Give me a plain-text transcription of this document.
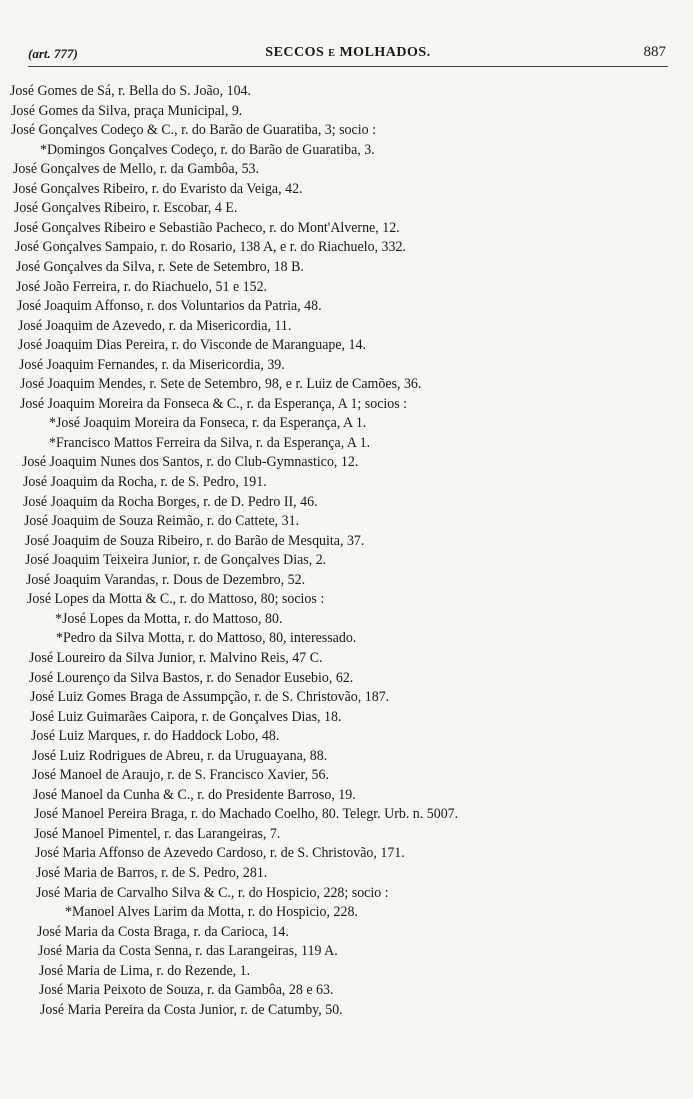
(art. 777)	SECCOS e MOLHADOS.	887
José Gomes de Sá, r. Bella do S. João, 104.
José Gomes da Silva, praça Municipal, 9.
José Gonçalves Codeço & C., r. do Barão de Guaratiba, 3; socio :
*Domingos Gonçalves Codeço, r. do Barão de Guaratiba, 3.
José Gonçalves de Mello, r. da Gambôa, 53.
José Gonçalves Ribeiro, r. do Evaristo da Veiga, 42.
José Gonçalves Ribeiro, r. Escobar, 4 E.
José Gonçalves Ribeiro e Sebastião Pacheco, r. do Mont'Alverne, 12.
José Gonçalves Sampaio, r. do Rosario, 138 A, e r. do Riachuelo, 332.
José Gonçalves da Silva, r. Sete de Setembro, 18 B.
José João Ferreira, r. do Riachuelo, 51 e 152.
José Joaquim Affonso, r. dos Voluntarios da Patria, 48.
José Joaquim de Azevedo, r. da Misericordia, 11.
José Joaquim Dias Pereira, r. do Visconde de Maranguape, 14.
José Joaquim Fernandes, r. da Misericordia, 39.
José Joaquim Mendes, r. Sete de Setembro, 98, e r. Luiz de Camões, 36.
José Joaquim Moreira da Fonseca & C., r. da Esperança, A 1; socios :
*José Joaquim Moreira da Fonseca, r. da Esperança, A 1.
*Francisco Mattos Ferreira da Silva, r. da Esperança, A 1.
José Joaquim Nunes dos Santos, r. do Club-Gymnastico, 12.
José Joaquim da Rocha, r. de S. Pedro, 191.
José Joaquim da Rocha Borges, r. de D. Pedro II, 46.
José Joaquim de Souza Reimão, r. do Cattete, 31.
José Joaquim de Souza Ribeiro, r. do Barão de Mesquita, 37.
José Joaquim Teixeira Junior, r. de Gonçalves Dias, 2.
José Joaquim Varandas, r. Dous de Dezembro, 52.
José Lopes da Motta & C., r. do Mattoso, 80; socios :
*José Lopes da Motta, r. do Mattoso, 80.
*Pedro da Silva Motta, r. do Mattoso, 80, interessado.
José Loureiro da Silva Junior, r. Malvino Reis, 47 C.
José Lourenço da Silva Bastos, r. do Senador Eusebio, 62.
José Luiz Gomes Braga de Assumpção, r. de S. Christovão, 187.
José Luiz Guimarães Caipora, r. de Gonçalves Dias, 18.
José Luiz Marques, r. do Haddock Lobo, 48.
José Luiz Rodrigues de Abreu, r. da Uruguayana, 88.
José Manoel de Araujo, r. de S. Francisco Xavier, 56.
José Manoel da Cunha & C., r. do Presidente Barroso, 19.
José Manoel Pereira Braga, r. do Machado Coelho, 80. Telegr. Urb. n. 5007.
José Manoel Pimentel, r. das Larangeiras, 7.
José Maria Affonso de Azevedo Cardoso, r. de S. Christovão, 171.
José Maria de Barros, r. de S. Pedro, 281.
José Maria de Carvalho Silva & C., r. do Hospicio, 228; socio :
*Manoel Alves Larim da Motta, r. do Hospicio, 228.
José Maria da Costa Braga, r. da Carioca, 14.
José Maria da Costa Senna, r. das Larangeiras, 119 A.
José Maria de Lima, r. do Rezende, 1.
José Maria Peixoto de Souza, r. da Gambôa, 28 e 63.
José Maria Pereira da Costa Junior, r. de Catumby, 50.
